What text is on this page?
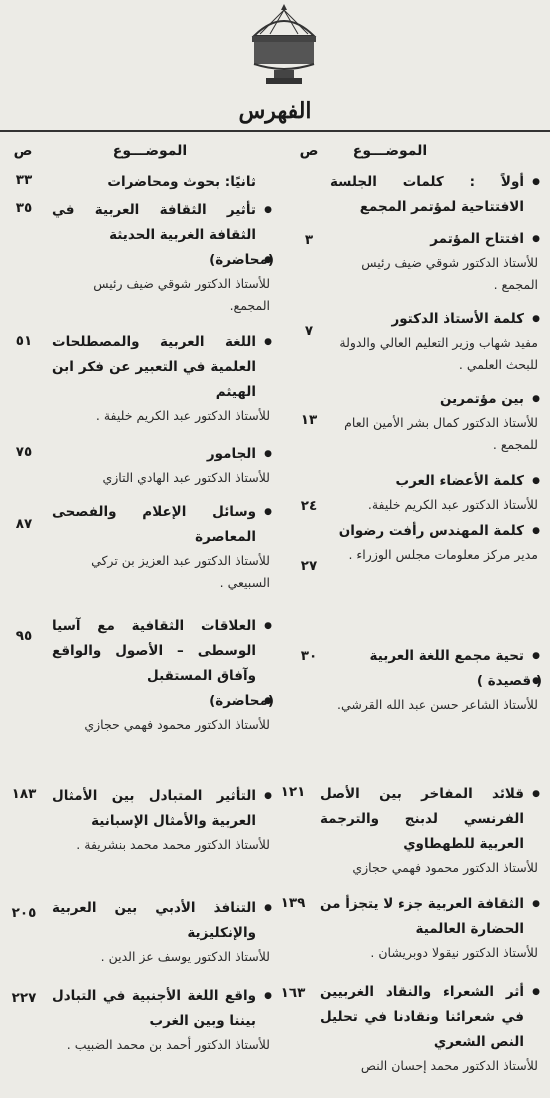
الفهرس
الموضـــوع
ص
الموضـــوع
ص
● أولاً : كلمات الجلسة الافتتاحية لمؤتمر المجمع
● افتتاح المؤتمر
للأستاذ الدكتور شوقي ضيف رئيس المجمع .
● كلمة الأستاذ الدكتور
مفيد شهاب وزير التعليم العالي والدولة للبحث العلمي .
● بين مؤتمرين
للأستاذ الدكتور كمال بشر الأمين العام للمجمع .
● كلمة الأعضاء العرب
للأستاذ الدكتور عبد الكريم خليفة.
● كلمة المهندس رأفت رضوان
مدير مركز معلومات مجلس الوزراء .
● تحية مجمع اللغة العربية
● ( قصيدة )
للأستاذ الشاعر حسن عبد الله القرشي.
● قلائد المفاخر بين الأصل الفرنسي لدبنج والترجمة العربية للطهطاوي
للأستاذ الدكتور محمود فهمي حجازي
● الثقافة العربية جزء لا يتجزأ من الحضارة العالمية
للأستاذ الدكتور نيقولا دوبريشان .
● أثر الشعراء والنقاد الغربيين في شعرائنا ونقادنا في تحليل النص الشعري
للأستاذ الدكتور محمد إحسان النص
٣
٧
١٣
٢٤
٢٧
٣٠
١٢١
١٣٩
١٦٣
ثانيًا: بحوث ومحاضرات
● تأثير الثقافة العربية في الثقافة الغربية الحديثة
● (محاضرة)
للأستاذ الدكتور شوقي ضيف رئيس المجمع.
● اللغة العربية والمصطلحات العلمية في التعبير عن فكر ابن الهيثم
للأستاذ الدكتور عبد الكريم خليفة .
● الجامور
للأستاذ الدكتور عبد الهادي التازي
● وسائل الإعلام والفصحى المعاصرة
للأستاذ الدكتور عبد العزيز بن تركي السبيعي .
● العلاقات الثقافية مع آسيا الوسطى – الأصول والواقع وآفاق المستقبل
● (محاضرة)
للأستاذ الدكتور محمود فهمي حجازي
● التأثير المتبادل بين الأمثال العربية والأمثال الإسبانية
للأستاذ الدكتور محمد محمد بنشريفة .
● التنافذ الأدبي بين العربية والإنكليزية
للأستاذ الدكتور يوسف عز الدين .
● واقع اللغة الأجنبية في التبادل بيننا وبين الغرب
للأستاذ الدكتور أحمد بن محمد الضبيب .
٣٣
٣٥
٥١
٧٥
٨٧
٩٥
١٨٣
٢٠٥
٢٢٧
